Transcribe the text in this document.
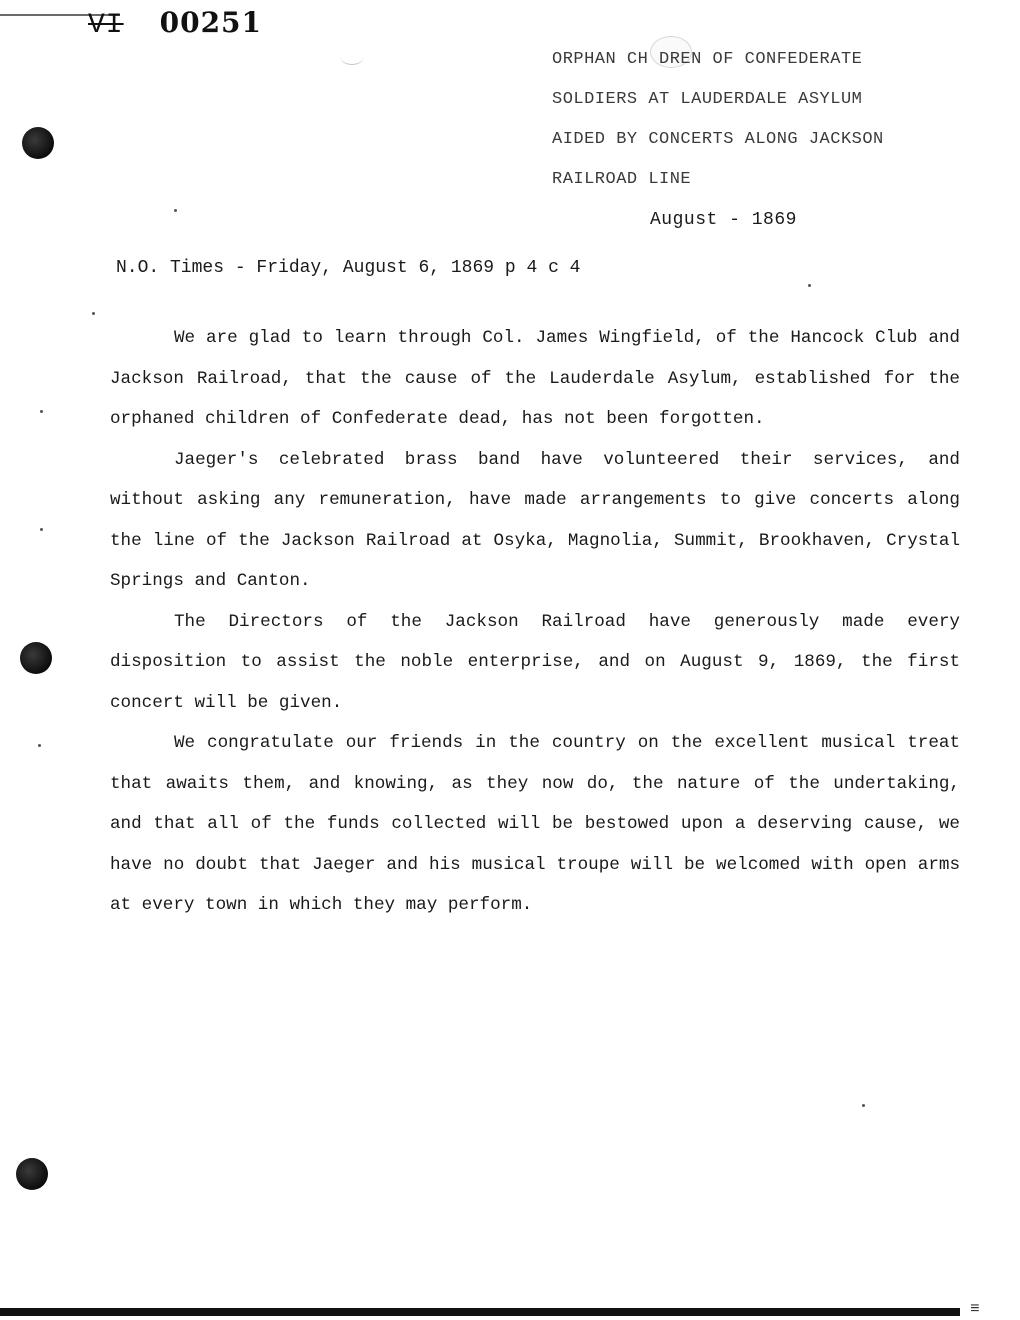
VI 00251
ORPHAN CH DREN OF CONFEDERATE
SOLDIERS AT LAUDERDALE ASYLUM
AIDED BY CONCERTS ALONG JACKSON
RAILROAD LINE
August - 1869
N.O. Times - Friday, August 6, 1869 p 4 c 4

We are glad to learn through Col. James Wingfield, of the Hancock Club and Jackson Railroad, that the cause of the Lauderdale Asylum, established for the orphaned children of Confederate dead, has not been forgotten.

Jaeger's celebrated brass band have volunteered their services, and without asking any remuneration, have made arrangements to give concerts along the line of the Jackson Railroad at Osyka, Magnolia, Summit, Brookhaven, Crystal Springs and Canton.

The Directors of the Jackson Railroad have generously made every disposition to assist the noble enterprise, and on August 9, 1869, the first concert will be given.

We congratulate our friends in the country on the excellent musical treat that awaits them, and knowing, as they now do, the nature of the undertaking, and that all of the funds collected will be bestowed upon a deserving cause, we have no doubt that Jaeger and his musical troupe will be welcomed with open arms at every town in which they may perform.

≡
